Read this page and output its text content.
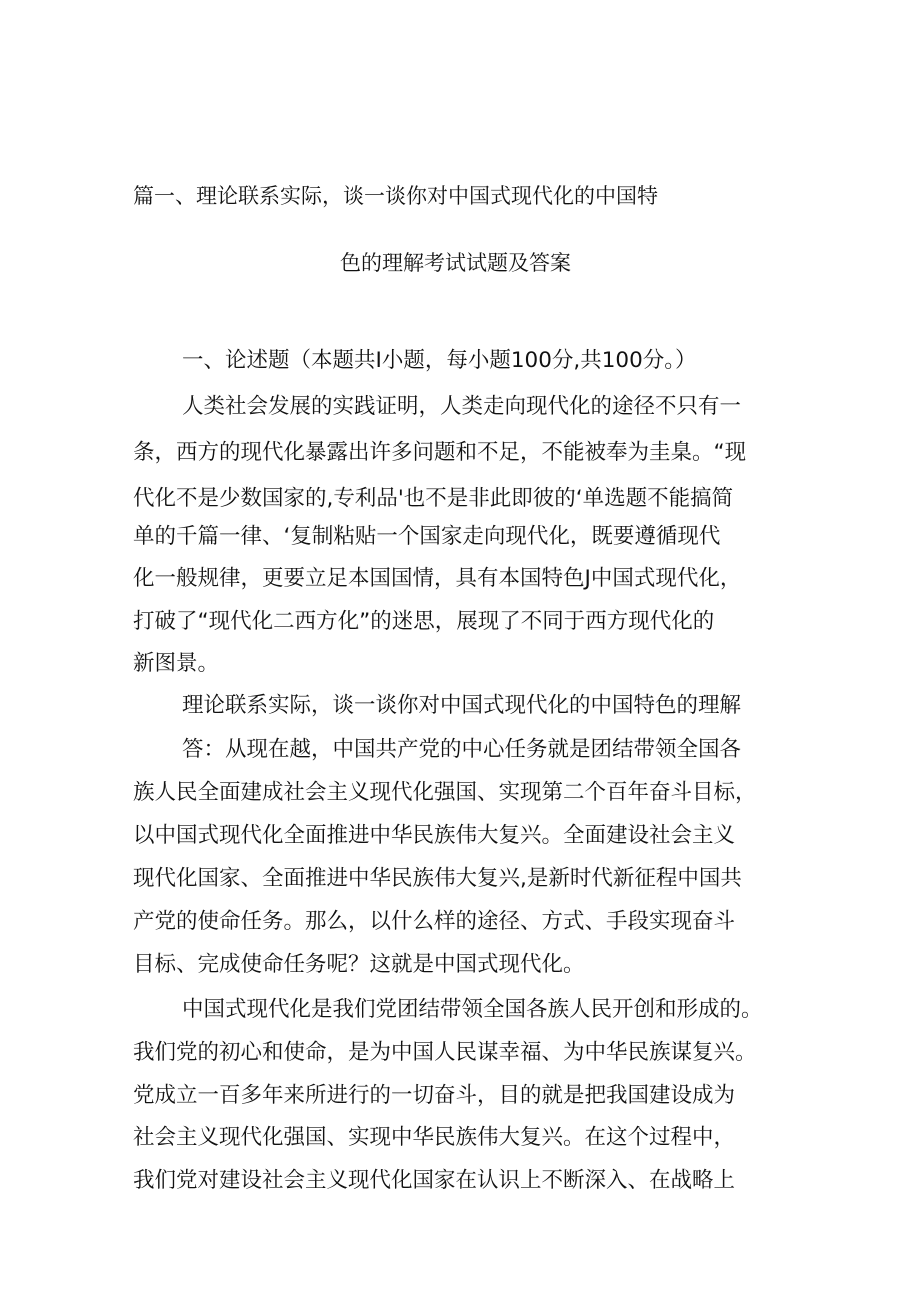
篇一、理论联系实际，谈一谈你对中国式现代化的中国特
色的理解考试试题及答案
一、论述题（本题共I小题，每小题100分,共100分。）
人类社会发展的实践证明，人类走向现代化的途径不只有一
条，西方的现代化暴露出许多问题和不足，不能被奉为圭臬。“现
代化不是少数国家的,专利品'也不是非此即彼的‘单选题不能搞简
单的千篇一律、‘复制粘贴一个国家走向现代化，既要遵循现代
化一般规律，更要立足本国国情，具有本国特色J中国式现代化，
打破了“现代化二西方化”的迷思，展现了不同于西方现代化的
新图景。
理论联系实际，谈一谈你对中国式现代化的中国特色的理解
答：从现在越，中国共产党的中心任务就是团结带领全国各
族人民全面建成社会主义现代化强国、实现第二个百年奋斗目标，
以中国式现代化全面推进中华民族伟大复兴。全面建设社会主义
现代化国家、全面推进中华民族伟大复兴,是新时代新征程中国共
产党的使命任务。那么，以什么样的途径、方式、手段实现奋斗
目标、完成使命任务呢？这就是中国式现代化。
中国式现代化是我们党团结带领全国各族人民开创和形成的。
我们党的初心和使命，是为中国人民谋幸福、为中华民族谋复兴。
党成立一百多年来所进行的一切奋斗，目的就是把我国建设成为
社会主义现代化强国、实现中华民族伟大复兴。在这个过程中，
我们党对建设社会主义现代化国家在认识上不断深入、在战略上
